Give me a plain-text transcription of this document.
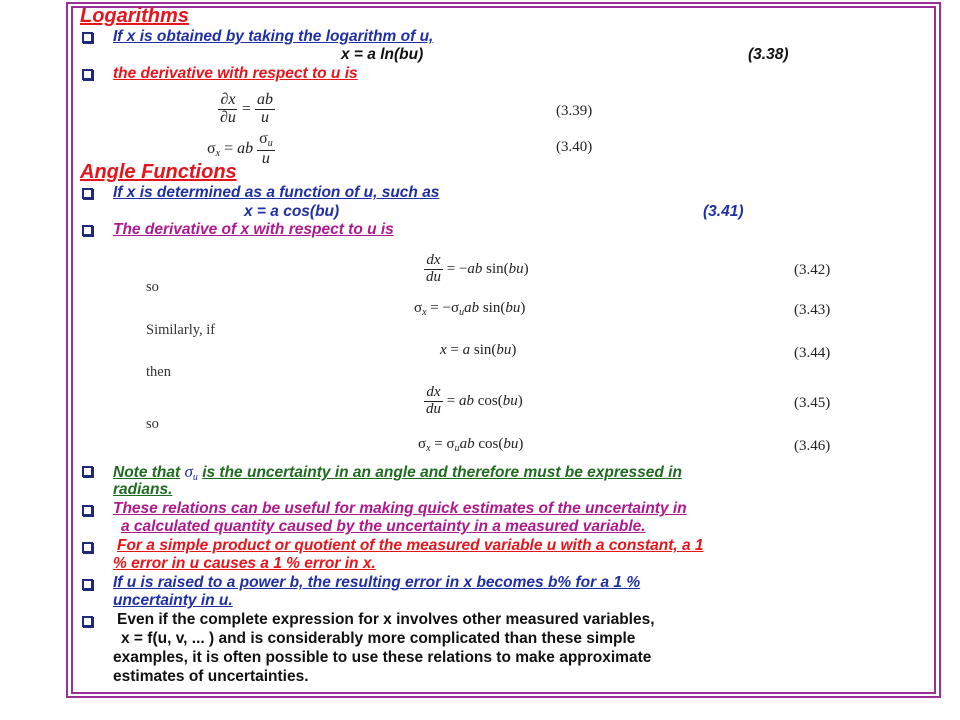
Logarithms
If x is obtained by taking the logarithm of u,
x = a ln(bu)	(3.38)
the derivative with respect to u is
$\frac{\partial x}{\partial u} = \frac{ab}{u}$	(3.39)
$\sigma_x$ = ab $\frac{\sigma_u}{u}$	(3.40)
Angle Functions
If x is determined as a function of u, such as
x = a cos(bu)	(3.41)
The derivative of x with respect to u is
$\frac{dx}{du} = -ab$ sin(bu)	(3.42)
so
$\sigma_x = -\sigma_uab$ sin(bu)	(3.43)
Similarly, if
x = a sin(bu)	(3.44)
then
$\frac{dx}{du}$ = ab cos(bu)	(3.45)
so
$\sigma_x = \sigma_uab$ cos(bu)	(3.46)
Note that $\sigma_u$ is the uncertainty in an angle and therefore must be expressed in
radians.
These relations can be useful for making quick estimates of the uncertainty in
a calculated quantity caused by the uncertainty in a measured variable.
For a simple product or quotient of the measured variable u with a constant, a 1
% error in u causes a 1 % error in x.
If u is raised to a power b, the resulting error in x becomes b% for a 1 %
uncertainty in u.
Even if the complete expression for x involves other measured variables,
x = f(u, v, ... ) and is considerably more complicated than these simple
examples, it is often possible to use these relations to make approximate
estimates of uncertainties.
